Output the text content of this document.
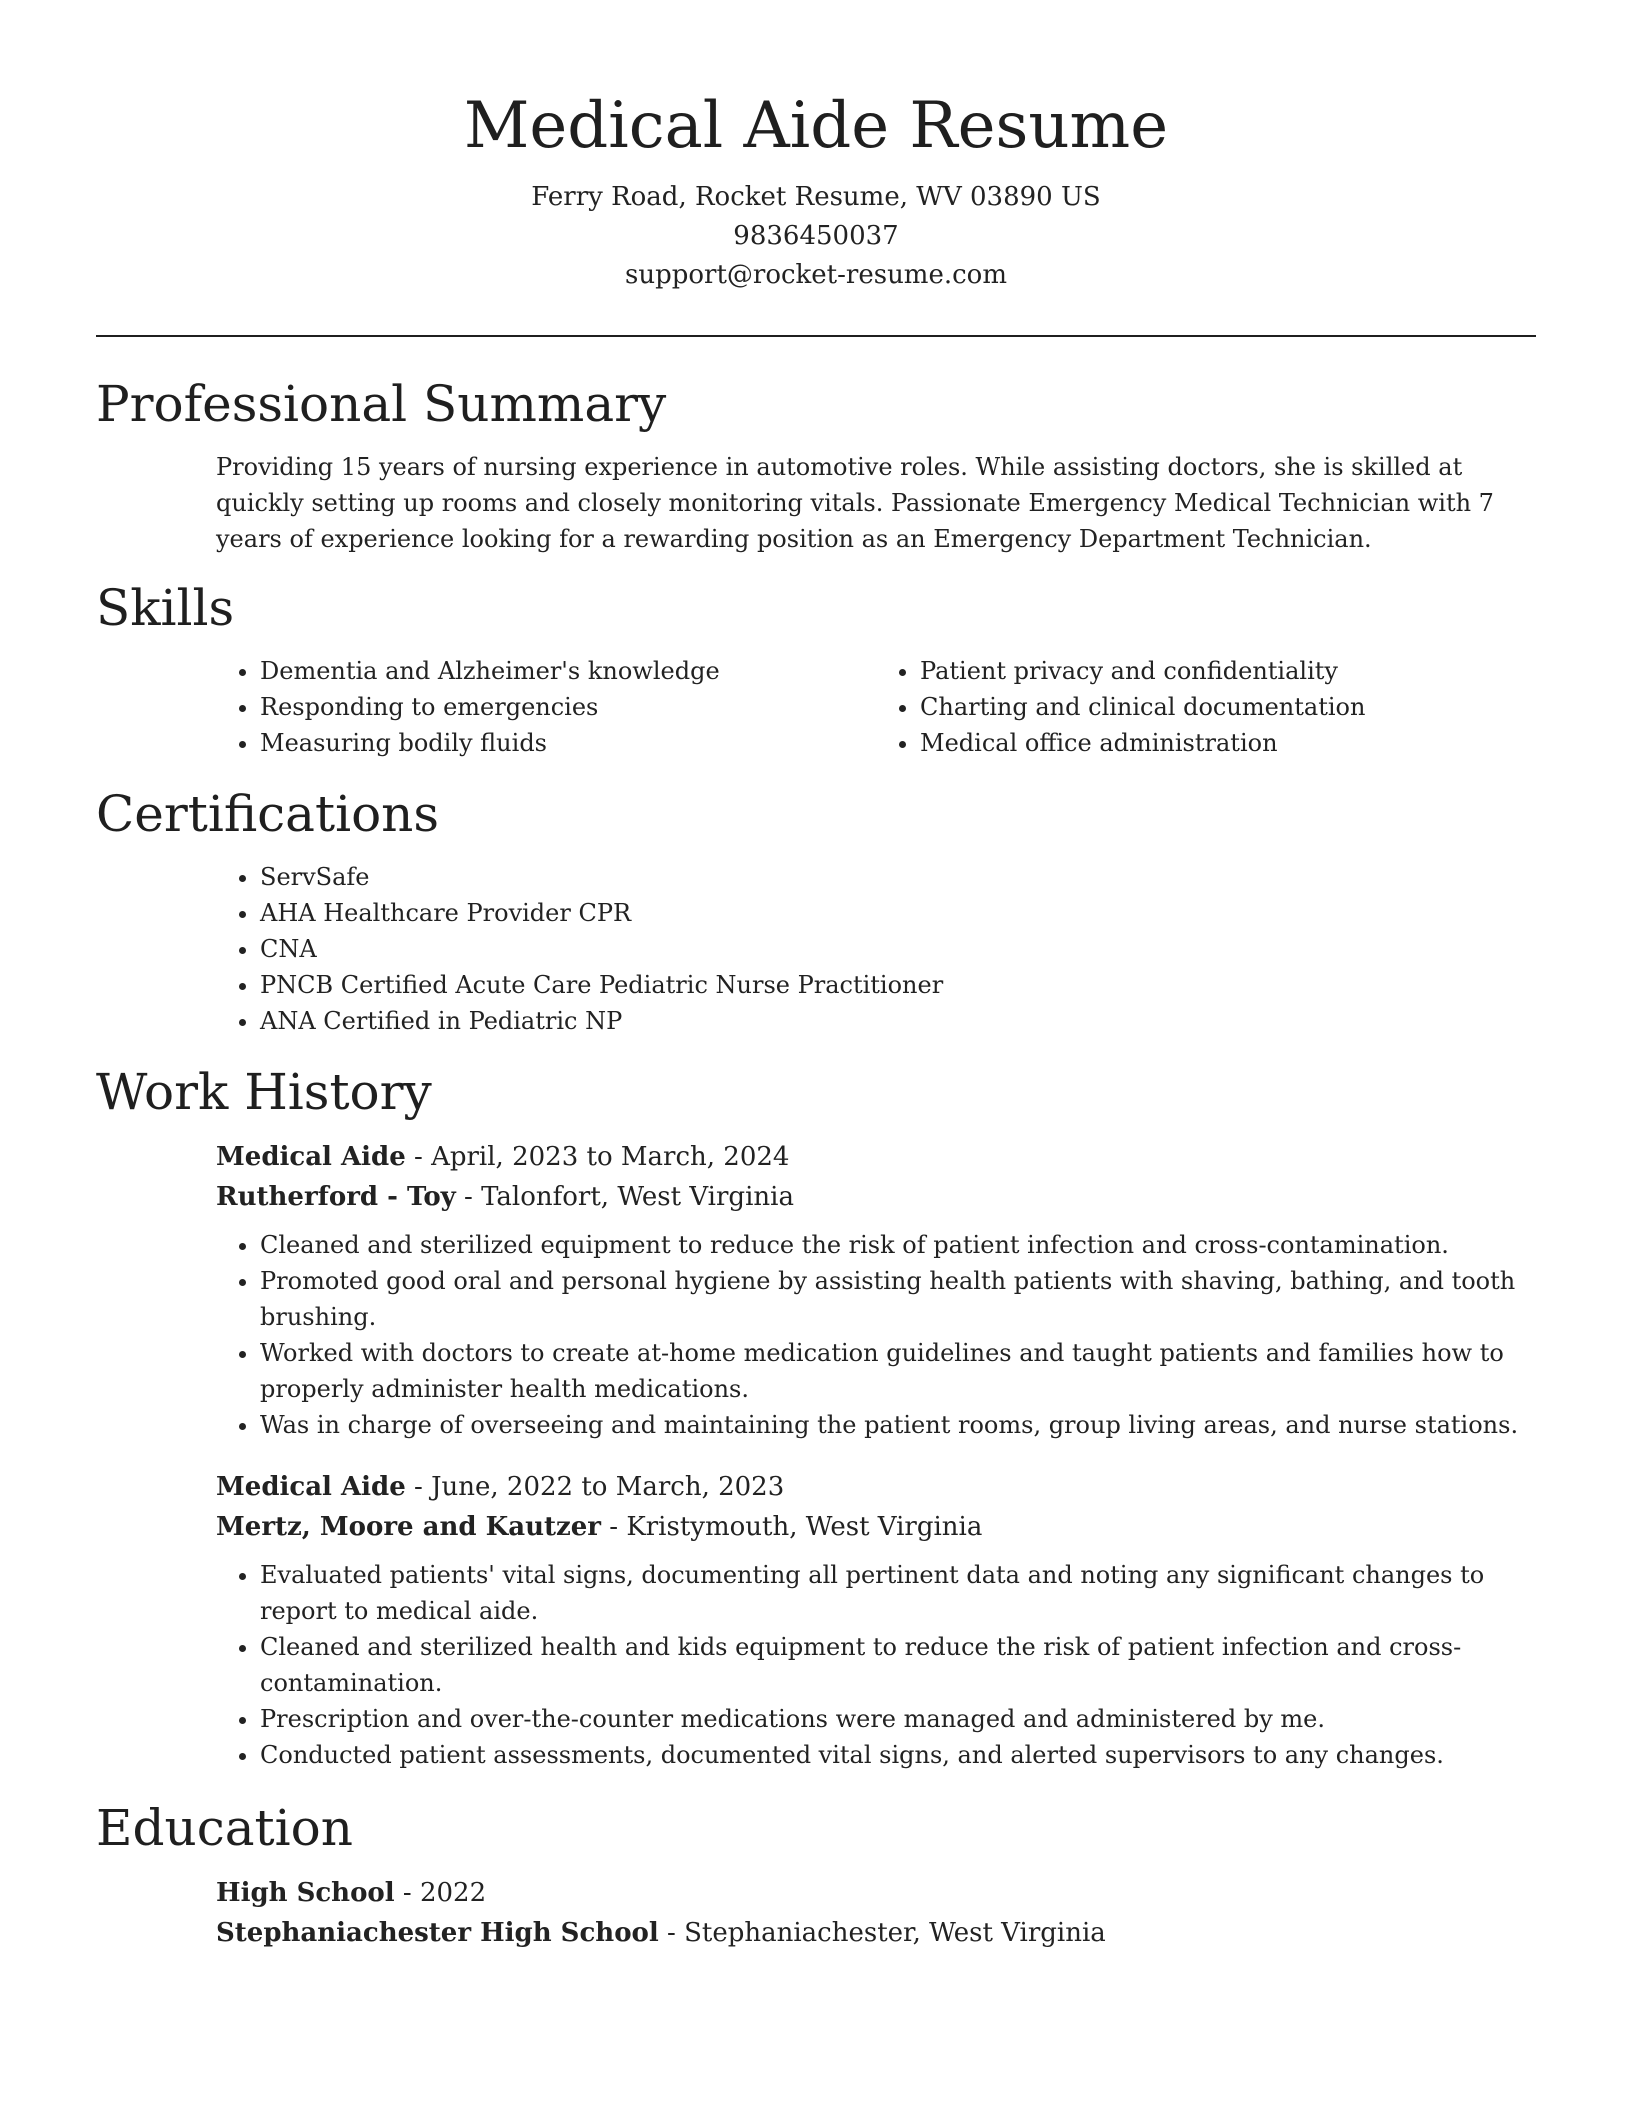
Medical Aide Resume
Ferry Road, Rocket Resume, WV 03890 US
9836450037
support@rocket-resume.com
Professional Summary
Providing 15 years of nursing experience in automotive roles. While assisting doctors, she is skilled at quickly setting up rooms and closely monitoring vitals. Passionate Emergency Medical Technician with 7 years of experience looking for a rewarding position as an Emergency Department Technician.
Skills
• Dementia and Alzheimer's knowledge
• Responding to emergencies
• Measuring bodily fluids
• Patient privacy and confidentiality
• Charting and clinical documentation
• Medical office administration
Certifications
• ServSafe
• AHA Healthcare Provider CPR
• CNA
• PNCB Certified Acute Care Pediatric Nurse Practitioner
• ANA Certified in Pediatric NP
Work History
Medical Aide - April, 2023 to March, 2024
Rutherford - Toy - Talonfort, West Virginia
• Cleaned and sterilized equipment to reduce the risk of patient infection and cross-contamination.
• Promoted good oral and personal hygiene by assisting health patients with shaving, bathing, and tooth brushing.
• Worked with doctors to create at-home medication guidelines and taught patients and families how to properly administer health medications.
• Was in charge of overseeing and maintaining the patient rooms, group living areas, and nurse stations.
Medical Aide - June, 2022 to March, 2023
Mertz, Moore and Kautzer - Kristymouth, West Virginia
• Evaluated patients' vital signs, documenting all pertinent data and noting any significant changes to report to medical aide.
• Cleaned and sterilized health and kids equipment to reduce the risk of patient infection and cross-contamination.
• Prescription and over-the-counter medications were managed and administered by me.
• Conducted patient assessments, documented vital signs, and alerted supervisors to any changes.
Education
High School - 2022
Stephaniachester High School - Stephaniachester, West Virginia
